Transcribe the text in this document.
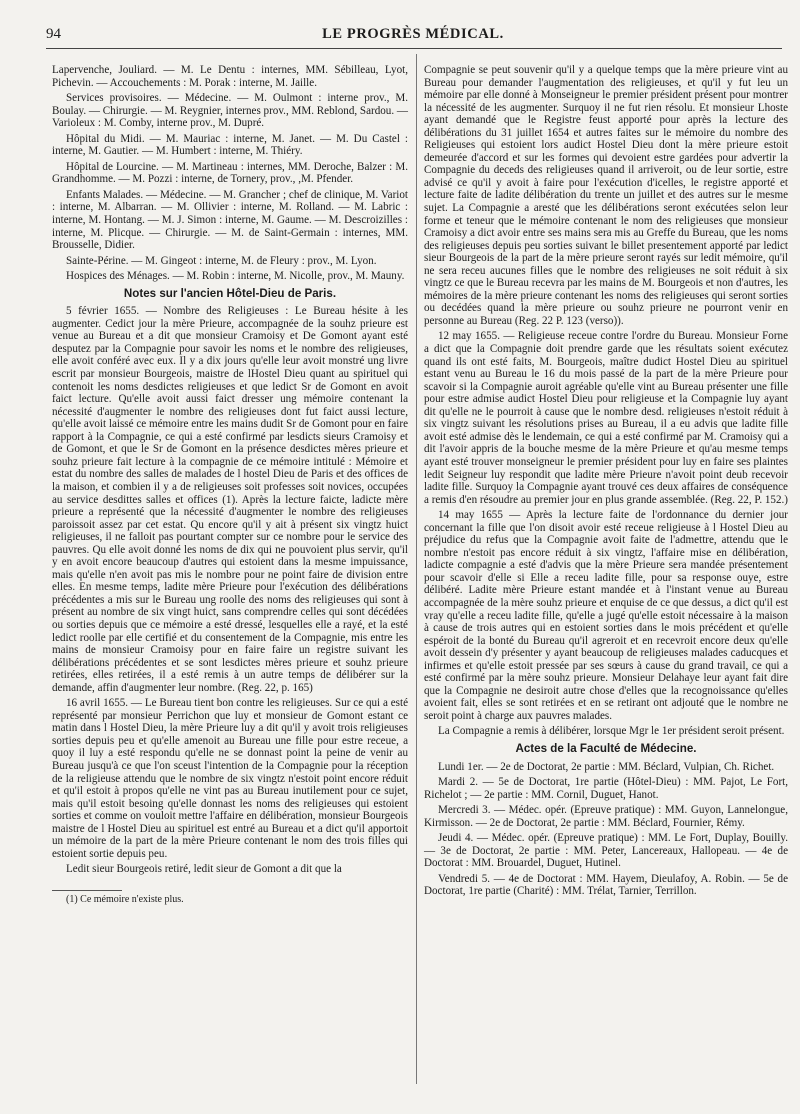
94	LE PROGRÈS MÉDICAL.

Lapervenche, Jouliard. — M. Le Dentu : internes, MM. Sébilleau, Lyot, Pichevin. — Accouchements : M. Porak : interne, M. Jaille.

Services provisoires. — Médecine. — M. Oulmont : interne prov., M. Boulay. — Chirurgie. — M. Reygnier, internes prov., MM. Reblond, Sardou. — Varioleux : M. Comby, interne prov., M. Dupré.

Hôpital du Midi. — M. Mauriac : interne, M. Janet. — M. Du Castel : interne, M. Gautier. — M. Humbert : interne, M. Thiéry.

Hôpital de Lourcine. — M. Martineau : internes, MM. Deroche, Balzer : M. Grandhomme. — M. Pozzi : interne, de Tornery, prov., ,M. Pfender.

Enfants Malades. — Médecine. — M. Grancher ; chef de clinique, M. Variot : interne, M. Albarran. — M. Ollivier : interne, M. Rolland. — M. Labric : interne, M. Hontang. — M. J. Simon : interne, M. Gaume. — M. Descroizilles : interne, M. Plicque. — Chirurgie. — M. de Saint-Germain : internes, MM. Brousselle, Didier.

Sainte-Périne. — M. Gingeot : interne, M. de Fleury : prov., M. Lyon.

Hospices des Ménages. — M. Robin : interne, M. Nicolle, prov., M. Mauny.

Notes sur l'ancien Hôtel-Dieu de Paris.

5 février 1655. — Nombre des Religieuses : Le Bureau hésite à les augmenter. Cedict jour la mère Prieure, accompagnée de la souhz prieure est venue au Bureau et a dit que monsieur Cramoisy et De Gomont ayant esté desputez par la Compagnie pour savoir les noms et le nombre des religieuses, elle avoit conféré avec eux. Il y a dix jours qu'elle leur avoit monstré ung livre escrit par monsieur Bourgeois, maistre de lHostel Dieu quant au spirituel qui contenoit les noms desdictes religieuses et que ledict Sr de Gomont en avoit faict lecture. Qu'elle avoit aussi faict dresser ung mémoire contenant la nécessité d'augmenter le nombre des religieuses dont fut faict aussi lecture, qu'elle avoit laissé ce mémoire entre les mains dudit Sr de Gomont pour en faire rapport à la Compagnie, ce qui a esté confirmé par lesdicts sieurs Cramoisy et de Gomont, et que le Sr de Gomont en la présence desdictes mères prieure et souhz prieure fait lecture à la compagnie de ce mémoire intitulé : Mémoire et estat du nombre des salles de malades de l hostel Dieu de Paris et des offices de la maison, et combien il y a de religieuses soit professes soit novices, occupées au service desdittes salles et offices (1). Après la lecture faicte, ladicte mère prieure a représenté que la nécessité d'augmenter le nombre des religieuses paroissoit assez par cet estat. Qu encore qu'il y ait à présent six vingtz huict religieuses, il ne falloit pas pourtant compter sur ce nombre pour le service des pauvres. Qu elle avoit donné les noms de dix qui ne pouvoient plus servir, qu'il y en avoit encore beaucoup d'autres qui estoient dans la mesme impuissance, mais qu'elle n'en avoit pas mis le nombre pour ne point faire de division entre elles. En mesme temps, ladite mère Prieure pour l'exécution des délibérations précédentes a mis sur le Bureau ung roolle des noms des religieuses qui sont à présent au nombre de six vingt huict, sans comprendre celles qui sont décédées ou sorties depuis que ce mémoire a esté dressé, lesquelles elle a rayé, et la esté ledict roolle par elle certifié et du consentement de la Compagnie, mis entre les mains de monsieur Cramoisy pour en faire faire un registre suivant les délibérations précédentes et se sont lesdictes mères prieure et souhz prieure retirées, elles retirées, il a esté remis à un autre temps de délibérer sur la demande, affin d'augmenter leur nombre. (Reg. 22, p. 165)

16 avril 1655. — Le Bureau tient bon contre les religieuses. Sur ce qui a esté représenté par monsieur Perrichon que luy et monsieur de Gomont estant ce matin dans l Hostel Dieu, la mère Prieure luy a dit qu'il y avoit trois religieuses sorties depuis peu et qu'elle amenoit au Bureau une fille pour estre receue, a quoy il luy a esté respondu qu'elle ne se donnast point la peine de venir au Bureau jusqu'à ce que l'on sceust l'intention de la Compagnie pour la réception de la religieuse attendu que le nombre de six vingtz n'estoit point encore réduit et qu'il estoit à propos qu'elle ne vint pas au Bureau inutilement pour ce sujet, mais qu'il estoit besoing qu'elle donnast les noms des religieuses qui estoient sorties et comme on vouloit mettre l'affaire en délibération, monsieur Bourgeois maistre de l Hostel Dieu au spirituel est entré au Bureau et a dict qu'il apportoit un mémoire de la part de la mère Prieure contenant le nom des trois filles qui estoient sortie depuis peu.

Ledit sieur Bourgeois retiré, ledit sieur de Gomont a dit que la

(1) Ce mémoire n'existe plus.

Compagnie se peut souvenir qu'il y a quelque temps que la mère prieure vint au Bureau pour demander l'augmentation des religieuses, et qu'il y fut leu un mémoire par elle donné à Monseigneur le premier président présent pour montrer la nécessité de les augmenter. Surquoy il ne fut rien résolu. Et monsieur Lhoste ayant demandé que le Registre feust apporté pour après la lecture des délibérations du 31 juillet 1654 et autres faites sur le mémoire du nombre des Religieuses qui estoient lors audict Hostel Dieu dont la mère prieure estoit demeurée d'accord et sur les formes qui devoient estre gardées pour advertir la Compagnie du deceds des religieuses quand il arriveroit, ou de leur sortie, estre advisé ce qu'il y avoit à faire pour l'exécution d'icelles, le registre apporté et lecture faite de ladite délibération du trente un juillet et des autres sur le mesme sujet. La Compagnie a aresté que les délibérations seront exécutées selon leur forme et teneur que le mémoire contenant le nom des religieuses que monsieur Cramoisy a dict avoir entre ses mains sera mis au Greffe du Bureau, que les noms des religieuses depuis peu sorties suivant le billet presentement apporté par ledict sieur Bourgeois de la part de la mère prieure seront rayés sur ledit mémoire, qu'il ne sera receu aucunes filles que le nombre des religieuses ne soit réduit à six vingtz ce que le Bureau recevra par les mains de M. Bourgeois et non d'autres, les mémoires de la mère prieure contenant les noms des religieuses qui seront sorties ou decédées quand la mère prieure ou souhz prieure ne pourront venir en personne au Bureau (Reg. 22 P. 123 (verso)).

12 may 1655. — Religieuse receue contre l'ordre du Bureau. Monsieur Forne a dict que la Compagnie doit prendre garde que les résultats soient exécutez quand ils ont esté faits, M. Bourgeois, maître dudict Hostel Dieu au spirituel estant venu au Bureau le 16 du mois passé de la part de la mère Prieure pour scavoir si la Compagnie auroit agréable qu'elle vint au Bureau présenter une fille pour estre admise audict Hostel Dieu pour religieuse et la Compagnie luy ayant dit qu'elle ne le pourroit à cause que le nombre desd. religieuses n'estoit réduit à six vingtz suivant les résolutions prises au Bureau, il a eu advis que ladite fille avoit esté admise dès le lendemain, ce qui a esté confirmé par M. Cramoisy qui a dit l'avoir appris de la bouche mesme de la mère Prieure et qu'au mesme temps ayant esté trouver monseigneur le premier président pour luy en faire ses plaintes ledit Seigneur luy respondit que ladite mère Prieure n'avoit point deub recevoir ladite fille. Surquoy la Compagnie ayant trouvé ces deux affaires de conséquence a remis d'en résoudre au premier jour en plus grande assemblée. (Reg. 22, P. 152.)

14 may 1655 — Après la lecture faite de l'ordonnance du dernier jour concernant la fille que l'on disoit avoir esté receue religieuse à l Hostel Dieu au préjudice du refus que la Compagnie avoit faite de l'admettre, attendu que le nombre n'estoit pas encore réduit à six vingtz, l'affaire mise en délibération, ladicte compagnie a esté d'advis que la mère Prieure sera mandée présentement pour scavoir d'elle si Elle a receu ladite fille, pour sa response ouye, estre délibéré. Ladite mère Prieure estant mandée et à l'instant venue au Bureau accompagnée de la mère souhz prieure et enquise de ce que dessus, a dict qu'il est vray qu'elle a receu ladite fille, qu'elle a jugé qu'elle estoit nécessaire à la maison à cause de trois autres qui en estoient sorties dans le mois précédent et qu'elle espéroit de la bonté du Bureau qu'il agreroit et en recevroit encore deux qu'elle avoit dessein d'y présenter y ayant beaucoup de religieuses malades caducques et infirmes et qu'elle estoit pressée par ses sœurs à cause du grand travail, ce qui a esté confirmé par la mère souhz prieure. Monsieur Delahaye leur ayant fait dire que la Compagnie ne desiroit autre chose d'elles que la recognoissance qu'elles avoient fait, elles se sont retirées et en se retirant ont adjouté que le nombre ne seroit point à charge aux pauvres malades.

La Compagnie a remis à délibérer, lorsque Mgr le 1er président seroit présent.

Actes de la Faculté de Médecine.

Lundi 1er. — 2e de Doctorat, 2e partie : MM. Béclard, Vulpian, Ch. Richet.

Mardi 2. — 5e de Doctorat, 1re partie (Hôtel-Dieu) : MM. Pajot, Le Fort, Richelot ; — 2e partie : MM. Cornil, Duguet, Hanot.

Mercredi 3. — Médec. opér. (Epreuve pratique) : MM. Guyon, Lannelongue, Kirmisson. — 2e de Doctorat, 2e partie : MM. Béclard, Fournier, Rémy.

Jeudi 4. — Médec. opér. (Epreuve pratique) : MM. Le Fort, Duplay, Bouilly. — 3e de Doctorat, 2e partie : MM. Peter, Lancereaux, Hallopeau. — 4e de Doctorat : MM. Brouardel, Duguet, Hutinel.

Vendredi 5. — 4e de Doctorat : MM. Hayem, Dieulafoy, A. Robin. — 5e de Doctorat, 1re partie (Charité) : MM. Trélat, Tarnier, Terrillon.
